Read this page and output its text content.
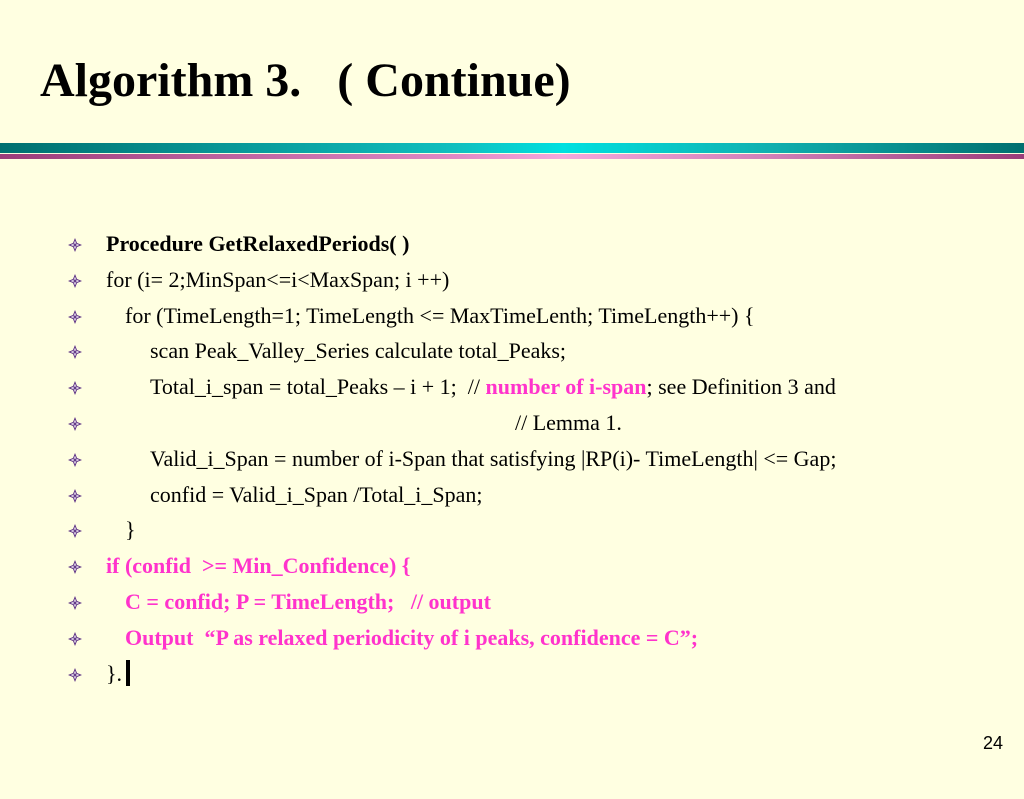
Algorithm 3.   ( Continue)

Procedure GetRelaxedPeriods( )

for (i= 2;MinSpan<=i<MaxSpan; i ++)

for (TimeLength=1; TimeLength <= MaxTimeLenth; TimeLength++) {

scan Peak_Valley_Series calculate total_Peaks;

Total_i_span = total_Peaks – i + 1;  // number of i-span; see Definition 3 and

// Lemma 1.

Valid_i_Span = number of i-Span that satisfying |RP(i)- TimeLength| <= Gap;

confid = Valid_i_Span /Total_i_Span;

}

if (confid  >= Min_Confidence) {

C = confid; P = TimeLength;   // output

Output  “P as relaxed periodicity of i peaks, confidence = C”;

}.

24
